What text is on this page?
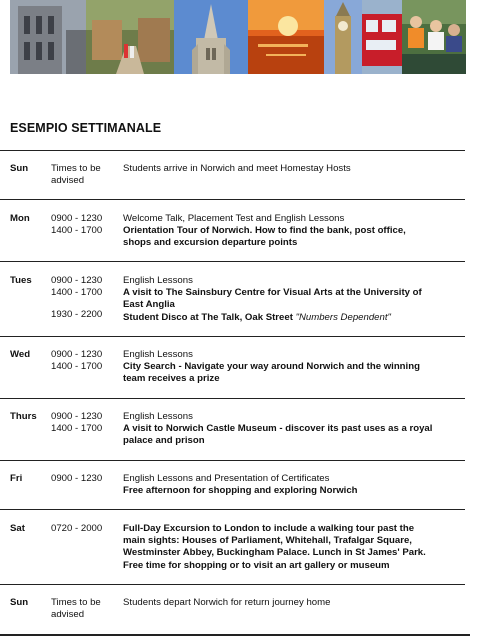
ESEMPIO SETTIMANALE
Sun Times to be
advised
Students arrive in Norwich and meet Homestay Hosts
Mon 0900 - 1230
1400 - 1700
Welcome Talk, Placement Test and English Lessons
Orientation Tour of Norwich. How to find the bank, post office,
shops and excursion departure points
Tues 0900 - 1230
1400 - 1700
1930 - 2200
English Lessons
A visit to The Sainsbury Centre for Visual Arts at the University of
East Anglia
Student Disco at The Talk, Oak Street "Numbers Dependent"
Wed 0900 - 1230
1400 - 1700
English Lessons
City Search - Navigate your way around Norwich and the winning
team receives a prize
Thurs 0900 - 1230
1400 - 1700
English Lessons
A visit to Norwich Castle Museum - discover its past uses as a royal
palace and prison
Fri	0900 - 1230 English Lessons and Presentation of Certificates
Free afternoon for shopping and exploring Norwich
Sat	0720 - 2000 Full-Day Excursion to London to include a walking tour past the
main sights: Houses of Parliament, Whitehall, Trafalgar Square,
Westminster Abbey, Buckingham Palace. Lunch in St James' Park.
Free time for shopping or to visit an art gallery or museum
Sun Times to be
advised
Students depart Norwich for return journey home
